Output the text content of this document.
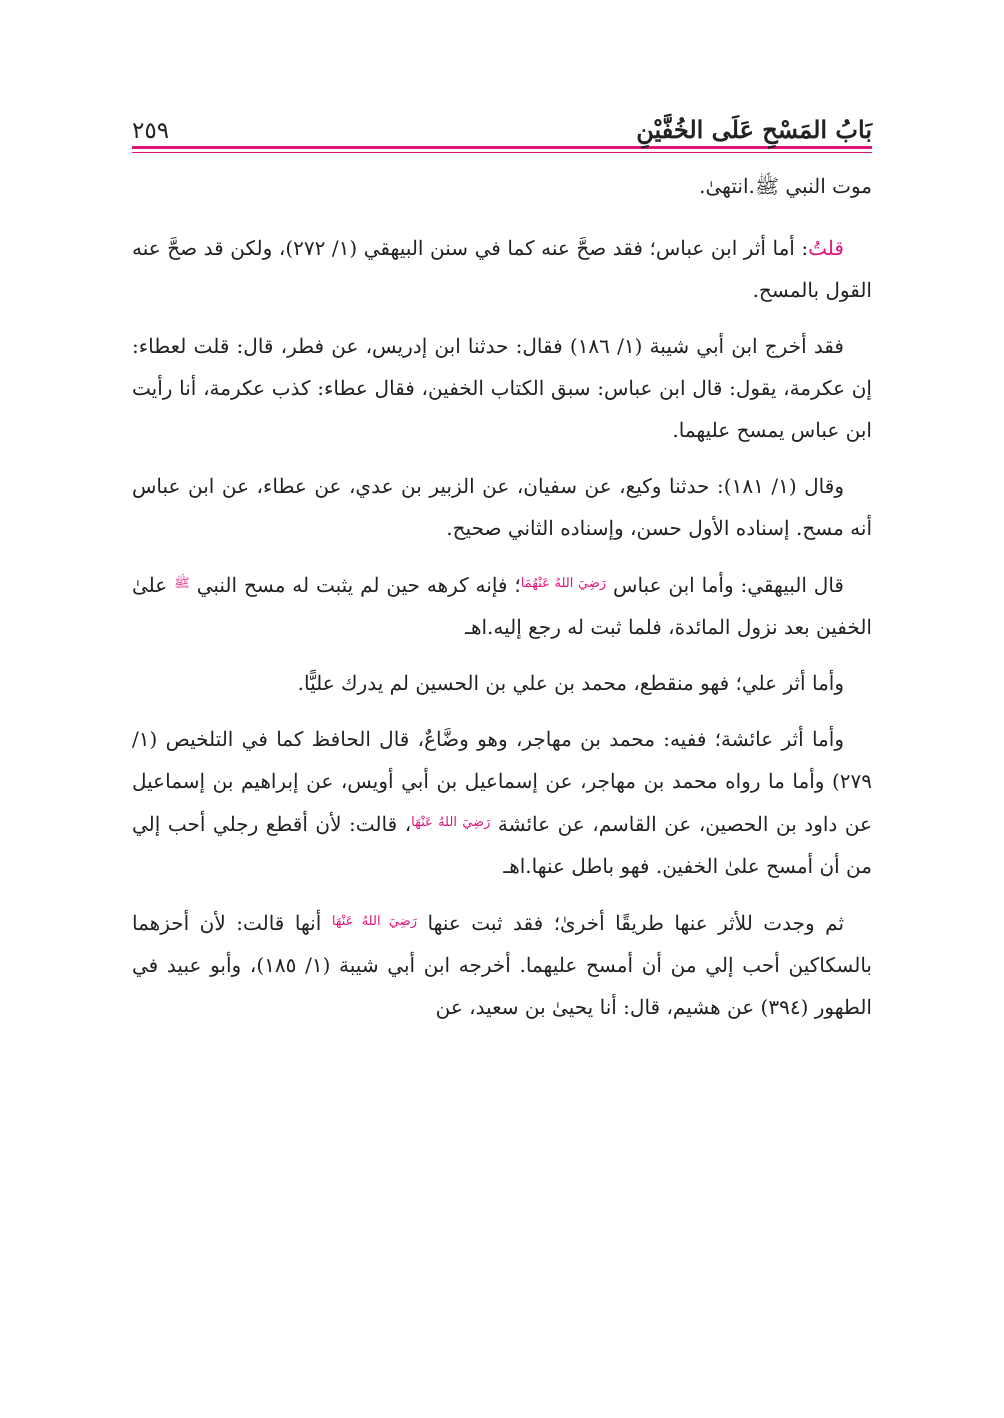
بَابُ المَسْحِ عَلَى الخُفَّيْنِ
٢٥٩

موت النبي ﷺ.انتهىٰ.

قلتُ: أما أثر ابن عباس؛ فقد صحَّ عنه كما في سنن البيهقي (١/ ٢٧٢)، ولكن قد صحَّ عنه القول بالمسح.

فقد أخرج ابن أبي شيبة (١/ ١٨٦) فقال: حدثنا ابن إدريس، عن فطر، قال: قلت لعطاء: إن عكرمة، يقول: قال ابن عباس: سبق الكتاب الخفين، فقال عطاء: كذب عكرمة، أنا رأيت ابن عباس يمسح عليهما.

وقال (١/ ١٨١): حدثنا وكيع، عن سفيان، عن الزبير بن عدي، عن عطاء، عن ابن عباس أنه مسح. إسناده الأول حسن، وإسناده الثاني صحيح.

قال البيهقي: وأما ابن عباس $^{رَضِيَ اللهُ عَنْهُمَا}$؛ فإنه كرهه حين لم يثبت له مسح النبي $^ﷺ$ علىٰ الخفين بعد نزول المائدة، فلما ثبت له رجع إليه.اهـ

وأما أثر علي؛ فهو منقطع، محمد بن علي بن الحسين لم يدرك عليًّا.

وأما أثر عائشة؛ ففيه: محمد بن مهاجر، وهو وضَّاعٌ، قال الحافظ كما في التلخيص (١/ ٢٧٩) وأما ما رواه محمد بن مهاجر، عن إسماعيل بن أبي أويس، عن إبراهيم بن إسماعيل عن داود بن الحصين، عن القاسم، عن عائشة $^{رَضِيَ اللهُ عَنْهَا}$، قالت: لأن أقطع رجلي أحب إلي من أن أمسح علىٰ الخفين. فهو باطل عنها.اهـ

ثم وجدت للأثر عنها طريقًا أخرىٰ؛ فقد ثبت عنها $^{رَضِيَ اللهُ عَنْهَا}$ أنها قالت: لأن أحزهما بالسكاكين أحب إلي من أن أمسح عليهما. أخرجه ابن أبي شيبة (١/ ١٨٥)، وأبو عبيد في الطهور (٣٩٤) عن هشيم، قال: أنا يحيىٰ بن سعيد، عن
